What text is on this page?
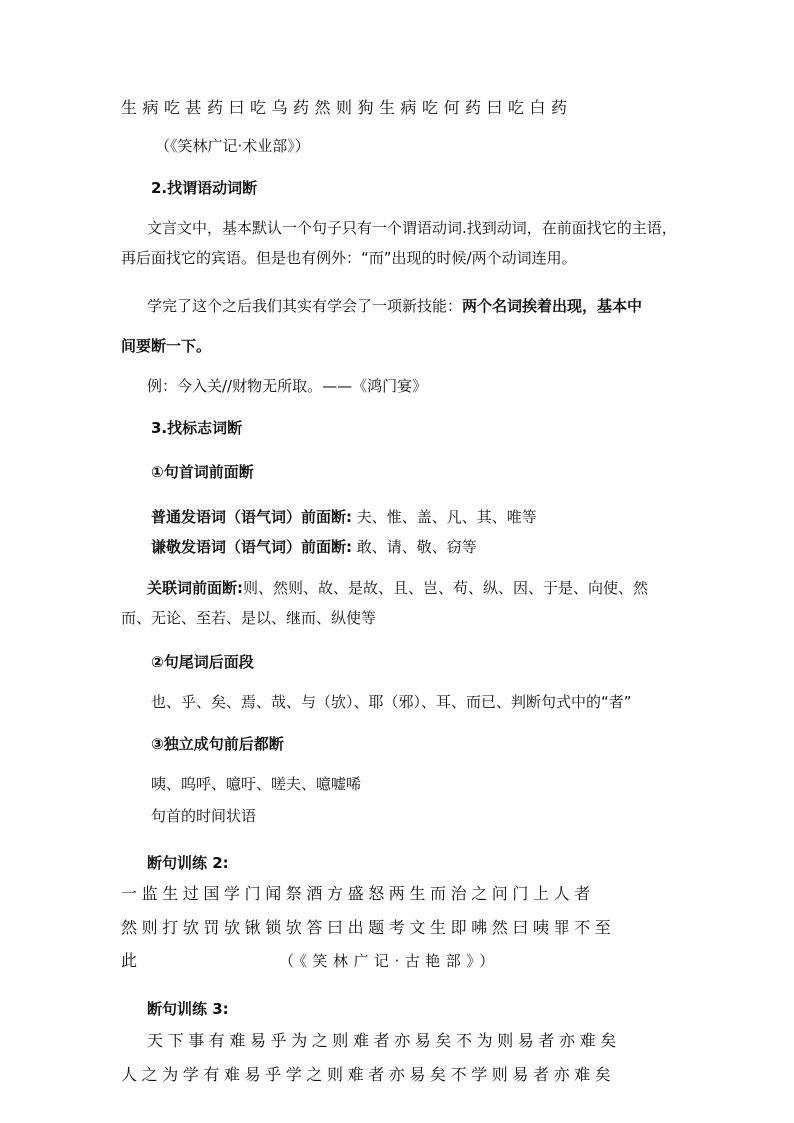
生病吃甚药曰吃乌药然则狗生病吃何药曰吃白药
（《笑林广记·术业部》）
2.找谓语动词断
文言文中，基本默认一个句子只有一个谓语动词.找到动词，在前面找它的主语，
再后面找它的宾语。但是也有例外：“而”出现的时候/两个动词连用。
学完了这个之后我们其实有学会了一项新技能：两个名词挨着出现，基本中
间要断一下。
例：今入关//财物无所取。——《鸿门宴》
3.找标志词断
①句首词前面断
普通发语词（语气词）前面断: 夫、惟、盖、凡、其、唯等
谦敬发语词（语气词）前面断: 敢、请、敬、窃等
关联词前面断:则、然则、故、是故、且、岂、苟、纵、因、于是、向使、然
而、无论、至若、是以、继而、纵使等
②句尾词后面段
也、乎、矣、焉、哉、与（欤）、耶（邪）、耳、而已、判断句式中的“者”
③独立成句前后都断
咦、呜呼、噫吁、嗟夫、噫嘘唏
句首的时间状语
断句训练 2:
一监生过国学门闻祭酒方盛怒两生而治之问门上人者
然则打欤罚欤锹锁欤答曰出题考文生即咈然曰咦罪不至
此	（《笑林广记·古艳部》）
断句训练 3:
天下事有难易乎为之则难者亦易矣不为则易者亦难矣
人之为学有难易乎学之则难者亦易矣不学则易者亦难矣
